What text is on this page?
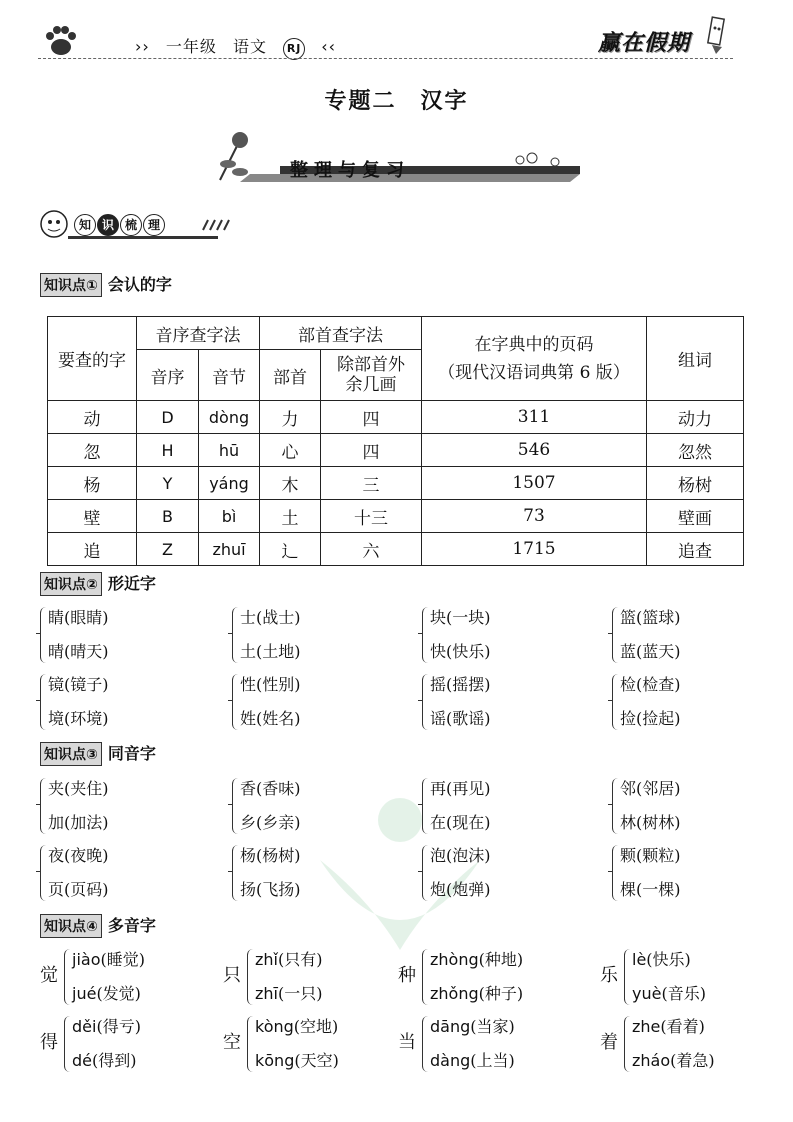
›› 一年级 语文 RJ ‹‹	赢在假期
专题二　汉字
整理与复习
知 识 梳 理
知识点① 会认的字
要查的字	音序查字法		部首查字法		在字典中的页码
（现代汉语词典第 6 版）	组词
	音序	音节	部首	除部首外
余几画		

动	D	dòng	力	四	311	动力
忽	H	hū	心	四	546	忽然
杨	Y	yáng	木	三	1507	杨树
壁	B	bì	土	十三	73	壁画
追	Z	zhuī	辶	六	1715	追查
知识点② 形近字
睛(眼睛)
晴(晴天)
士(战士)
土(土地)
块(一块)
快(快乐)
篮(篮球)
蓝(蓝天)
镜(镜子)
境(环境)
性(性别)
姓(姓名)
摇(摇摆)
谣(歌谣)
检(检查)
捡(捡起)
知识点③ 同音字
夹(夹住)
加(加法)
香(香味)
乡(乡亲)
再(再见)
在(现在)
邻(邻居)
林(树林)
夜(夜晚)
页(页码)
杨(杨树)
扬(飞扬)
泡(泡沫)
炮(炮弹)
颗(颗粒)
棵(一棵)
知识点④ 多音字
觉
jiào(睡觉)
jué(发觉)
只
zhǐ(只有)
zhī(一只)
种
zhòng(种地)
zhǒng(种子)
乐
lè(快乐)
yuè(音乐)
得
děi(得亏)
dé(得到)
空
kòng(空地)
kōng(天空)
当
dāng(当家)
dàng(上当)
着
zhe(看着)
zháo(着急)
